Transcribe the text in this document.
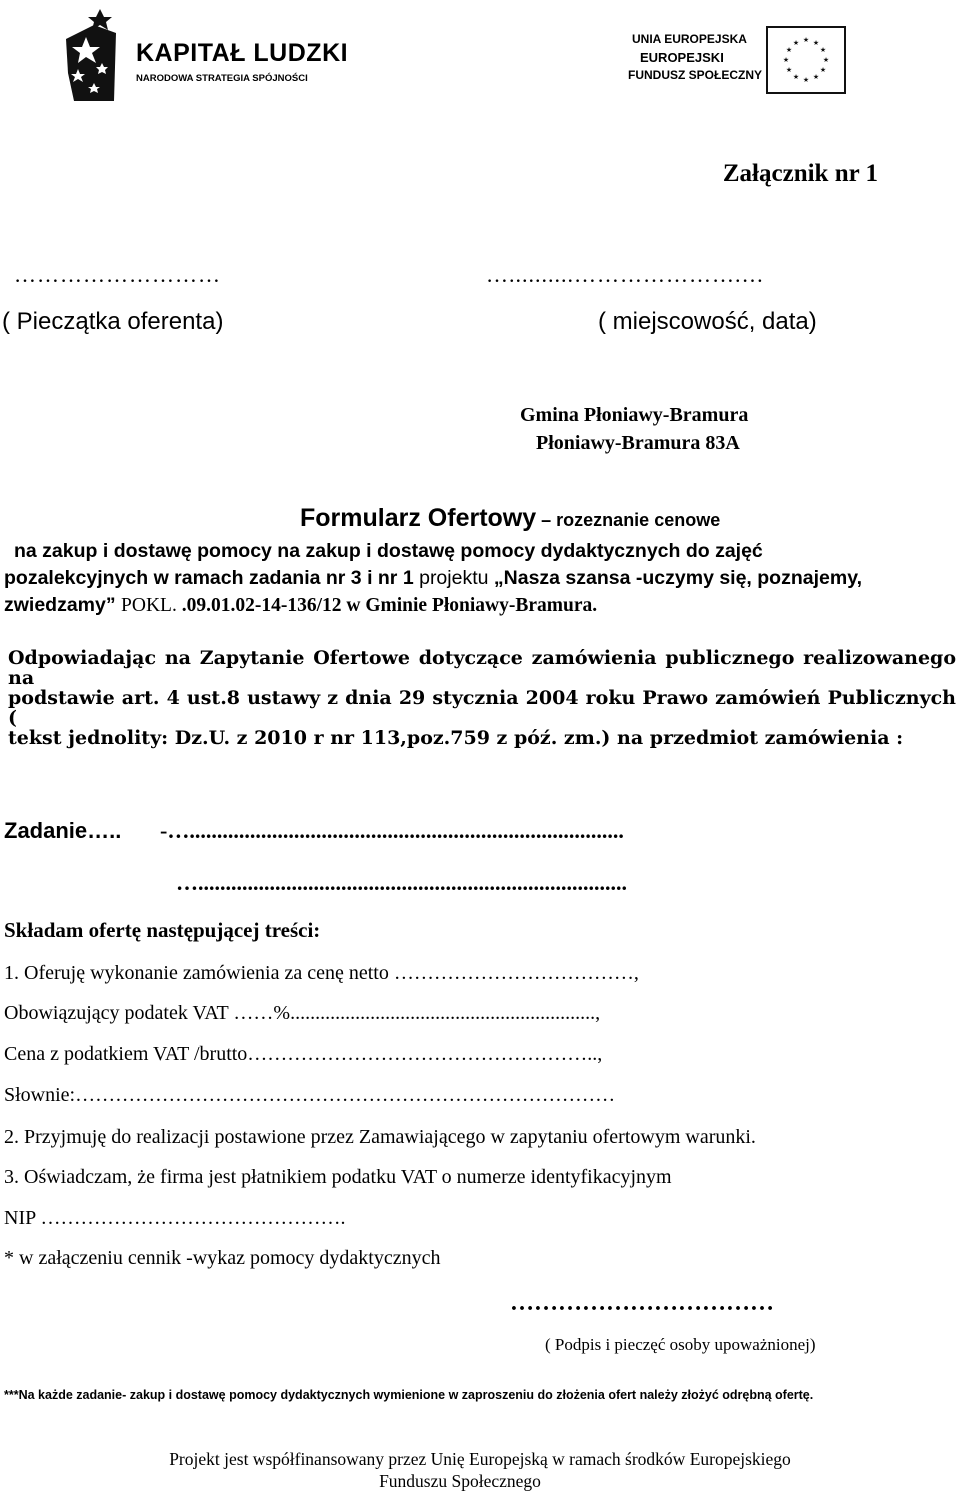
KAPITAŁ LUDZKI
NARODOWA STRATEGIA SPÓJNOŚCI
UNIA EUROPEJSKA
EUROPEJSKI
FUNDUSZ SPOŁECZNY
★ ★
★
★
★
★
★
★
★
★
★
★
Załącznik nr 1
………………………	…..........………………….…
( Pieczątka oferenta)	( miejscowość, data)
Gmina Płoniawy-Bramura
Płoniawy-Bramura 83A
Formularz Ofertowy – rozeznanie cenowe
na zakup i dostawę pomocy na zakup i dostawę pomocy dydaktycznych do zajęć
pozalekcyjnych w ramach zadania nr 3 i nr 1 projektu „Nasza szansa -uczymy się, poznajemy,
zwiedzamy” POKL. .09.01.02-14-136/12 w Gminie Płoniawy-Bramura.
Odpowiadając na Zapytanie Ofertowe dotyczące zamówienia publicznego realizowanego na
podstawie art. 4 ust.8 ustawy z dnia 29 stycznia 2004 roku Prawo zamówień Publicznych (
tekst jednolity: Dz.U. z 2010 r nr 113,poz.759 z póź. zm.) na przedmiot zamówienia :
Zadanie….. -…...............................................................................
…..............................................................................
Składam ofertę następującej treści:
1. Oferuję wykonanie zamówienia za cenę netto ………………………………,
Obowiązujący podatek VAT ……%.............................................................,
Cena z podatkiem VAT /brutto……………………………………………..,
Słownie:………………………………………………………………………
2. Przyjmuję do realizacji postawione przez Zamawiającego w zapytaniu ofertowym warunki.
3. Oświadczam, że firma jest płatnikiem podatku VAT o numerze identyfikacyjnym
NIP ……………………………………….
* w załączeniu cennik -wykaz pomocy dydaktycznych
……………………………
( Podpis i pieczęć osoby upoważnionej)
***Na każde zadanie- zakup i dostawę pomocy dydaktycznych wymienione w zaproszeniu do złożenia ofert należy złożyć odrębną ofertę.
Projekt jest współfinansowany przez Unię Europejską w ramach środków Europejskiego
Funduszu Społecznego
